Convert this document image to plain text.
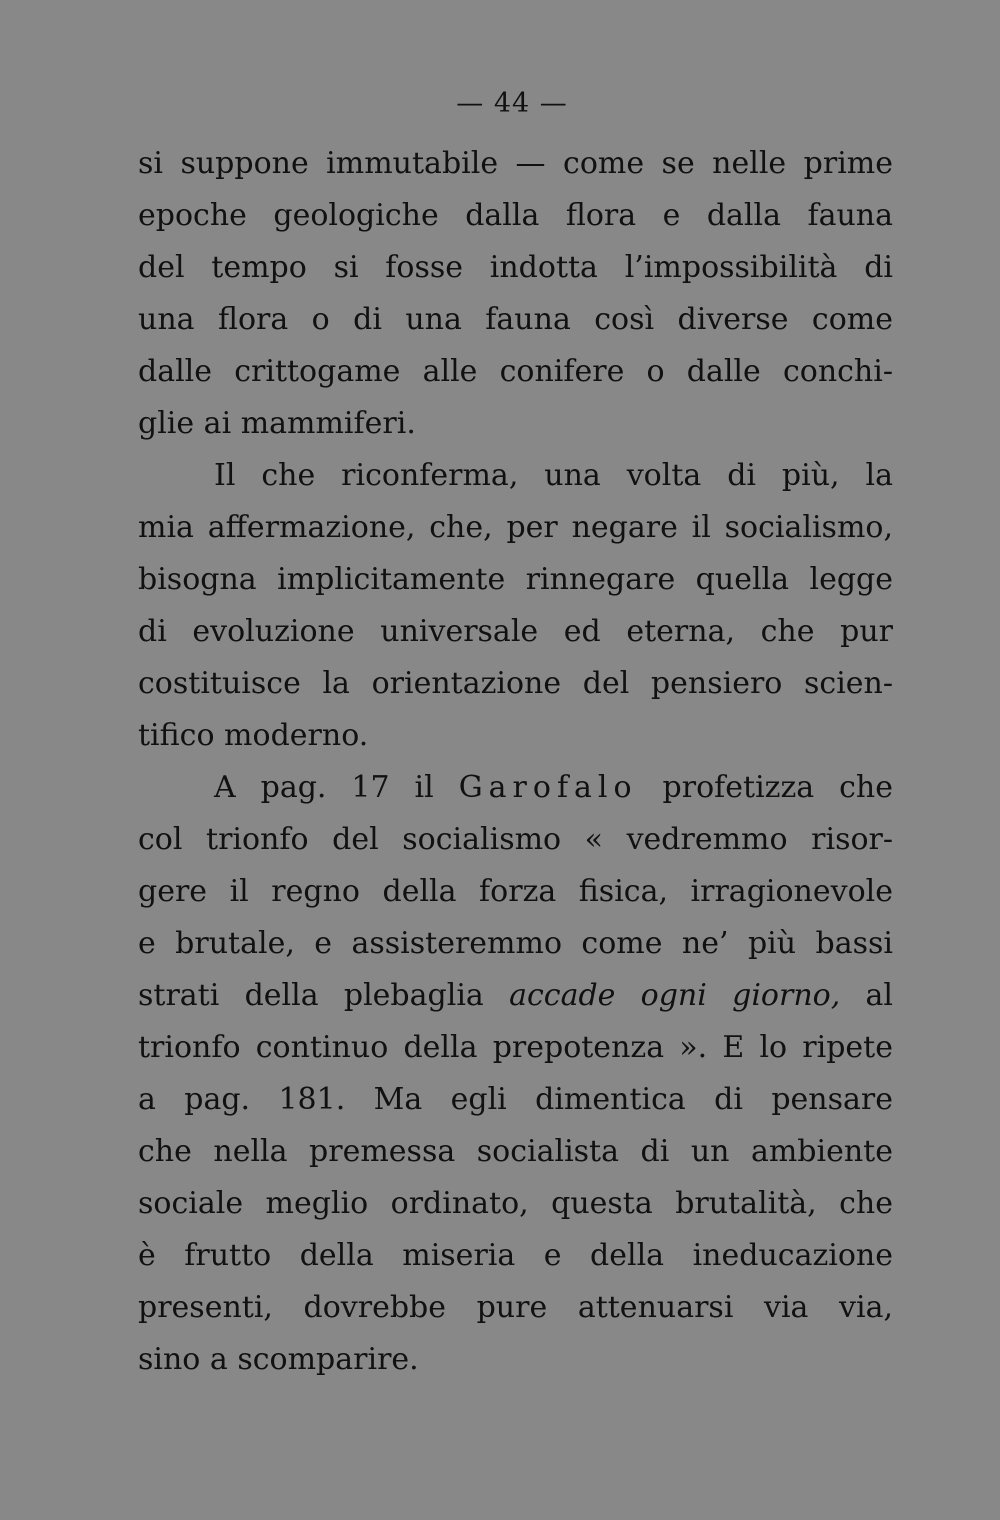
— 44 —
si suppone immutabile — come se nelle prime
epoche geologiche dalla flora e dalla fauna
del tempo si fosse indotta l’impossibilità di
una flora o di una fauna così diverse come
dalle crittogame alle conifere o dalle conchi-
glie ai mammiferi.
Il che riconferma, una volta di più, la
mia affermazione, che, per negare il socialismo,
bisogna implicitamente rinnegare quella legge
di evoluzione universale ed eterna, che pur
costituisce la orientazione del pensiero scien-
tifico moderno.
A pag. 17 il Garofalo profetizza che
col trionfo del socialismo « vedremmo risor-
gere il regno della forza fisica, irragionevole
e brutale, e assisteremmo come ne’ più bassi
strati della plebaglia accade ogni giorno, al
trionfo continuo della prepotenza ». E lo ripete
a pag. 181. Ma egli dimentica di pensare
che nella premessa socialista di un ambiente
sociale meglio ordinato, questa brutalità, che
è frutto della miseria e della ineducazione
presenti, dovrebbe pure attenuarsi via via,
sino a scomparire.
